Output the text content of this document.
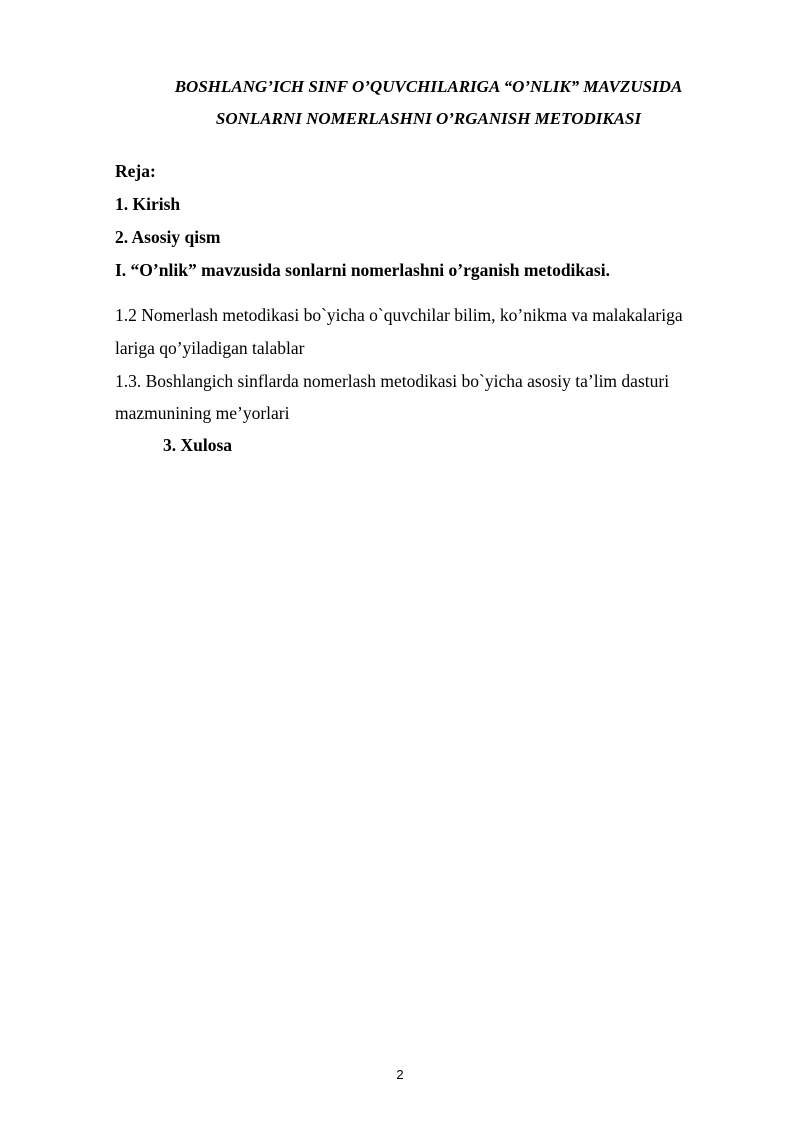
BOSHLANG’ICH SINF O’QUVCHILARIGA “O’NLIK” MAVZUSIDA
SONLARNI NOMERLASHNI O’RGANISH METODIKASI
Reja:
1. Kirish
2. Asosiy qism
I. “O’nlik” mavzusida sonlarni nomerlashni o’rganish metodikasi.
1.2 Nomerlash metodikasi bo`yicha o`quvchilar bilim, ko’nikma va malakalariga
lariga qo’yiladigan talablar
1.3. Boshlangich sinflarda nomerlash metodikasi bo`yicha asosiy ta’lim dasturi
mazmunining me’yorlari
3. Xulosa
2
